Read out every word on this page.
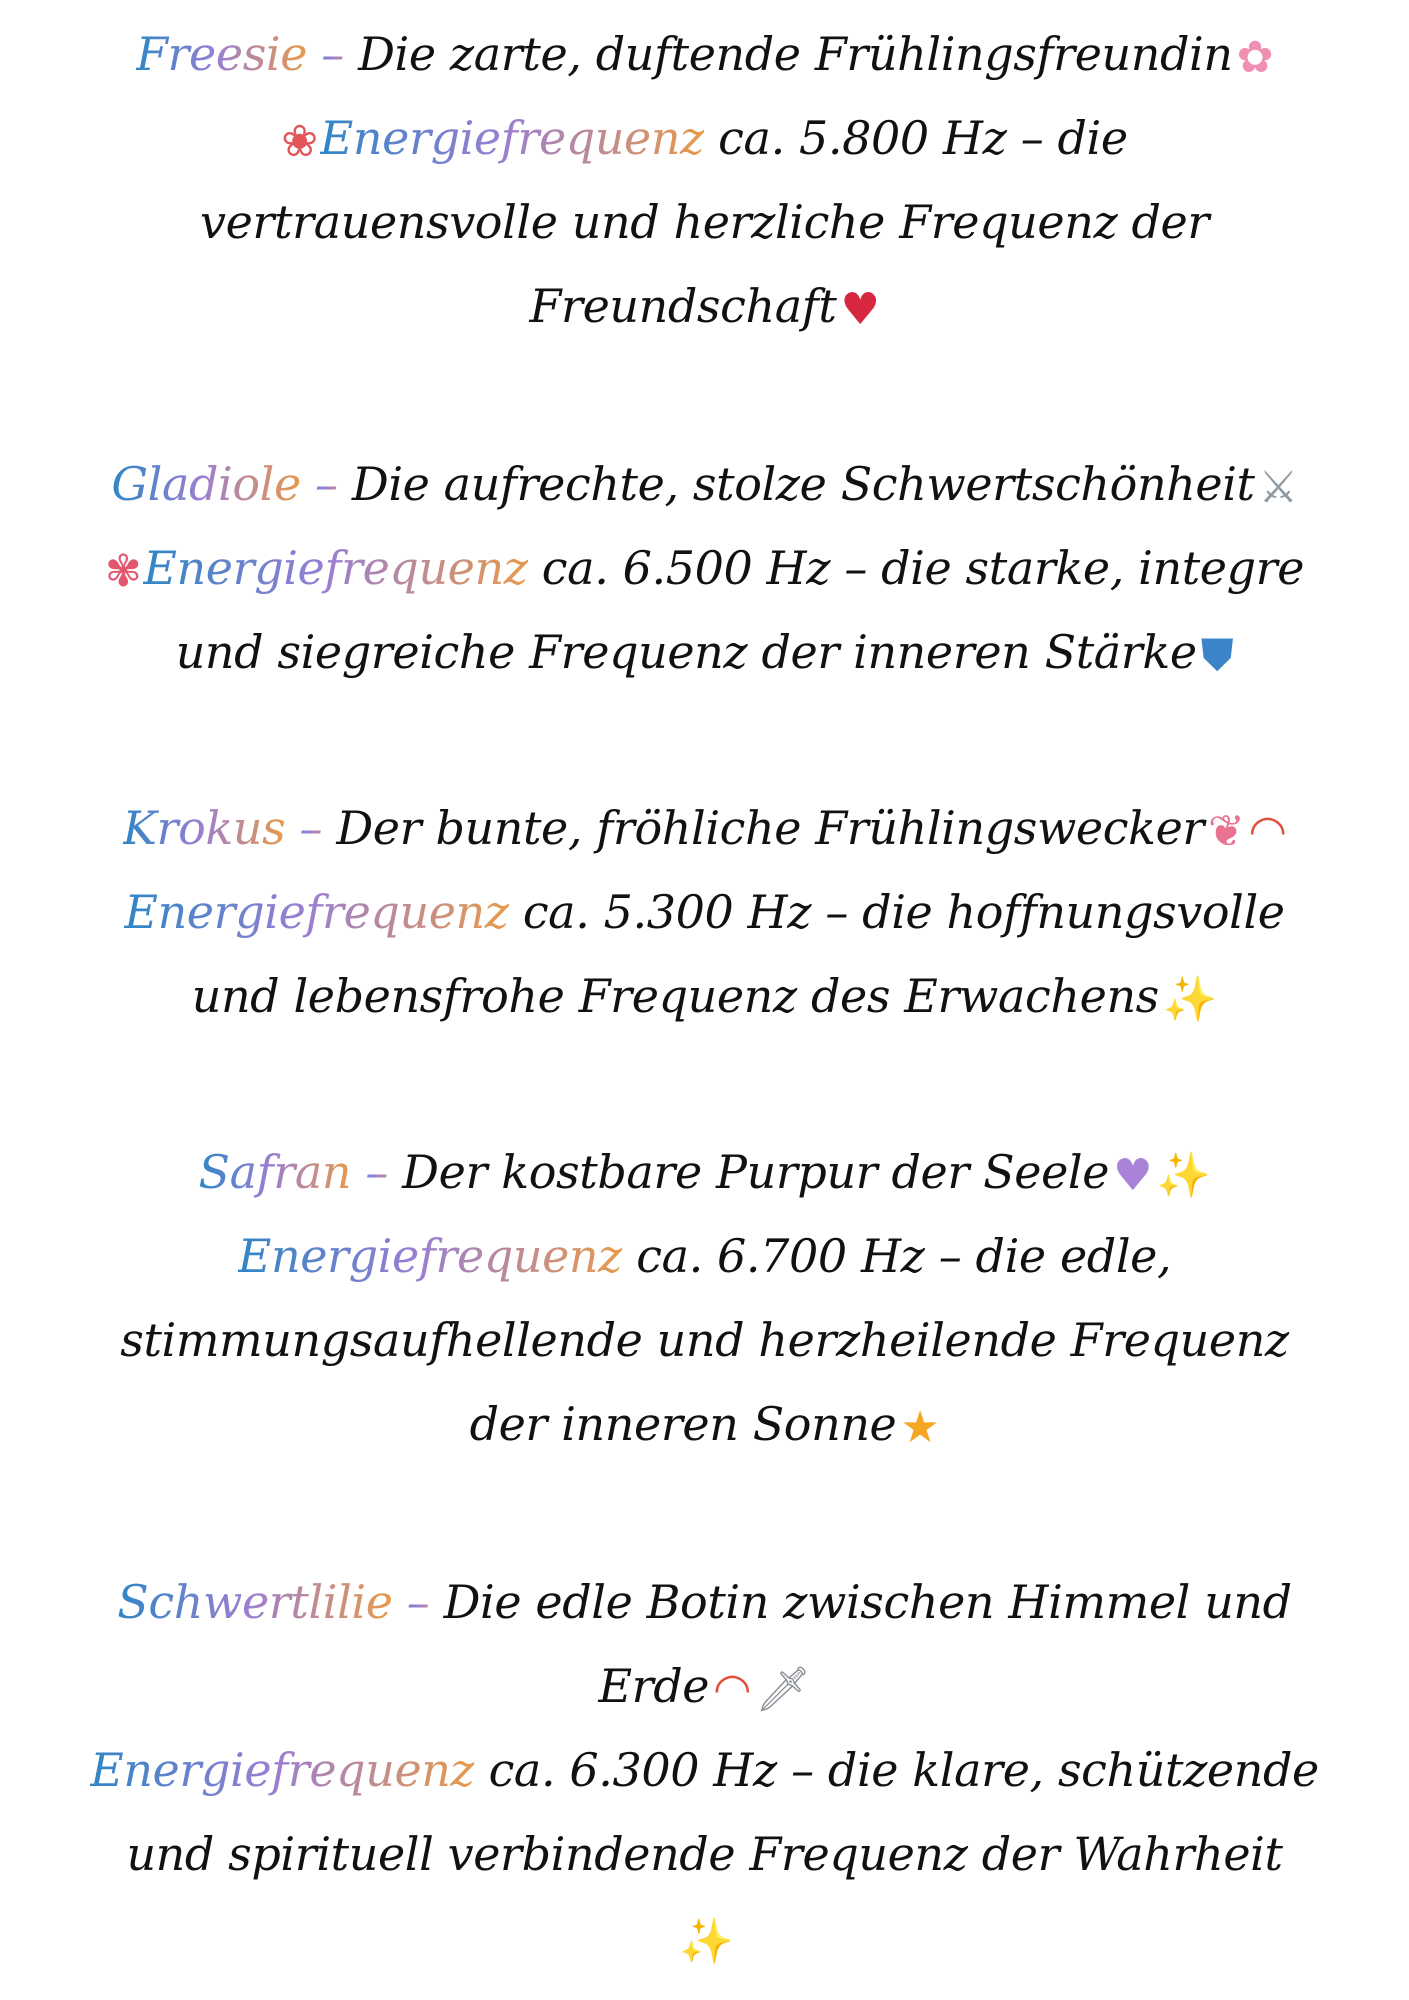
Freesie – Die zarte, duftende Frühlingsfreundin✿
❀Energiefrequenz ca. 5.800 Hz – die
vertrauensvolle und herzliche Frequenz der
Freundschaft♥
Gladiole – Die aufrechte, stolze Schwertschönheit⚔
✾Energiefrequenz ca. 6.500 Hz – die starke, integre
und siegreiche Frequenz der inneren Stärke⛊
Krokus – Der bunte, fröhliche Frühlingswecker❦◠
Energiefrequenz ca. 5.300 Hz – die hoffnungsvolle
und lebensfrohe Frequenz des Erwachens✨
Safran – Der kostbare Purpur der Seele♥✨
Energiefrequenz ca. 6.700 Hz – die edle,
stimmungsaufhellende und herzheilende Frequenz
der inneren Sonne★
Schwertlilie – Die edle Botin zwischen Himmel und
Erde◠🗡
Energiefrequenz ca. 6.300 Hz – die klare, schützende
und spirituell verbindende Frequenz der Wahrheit
✨
